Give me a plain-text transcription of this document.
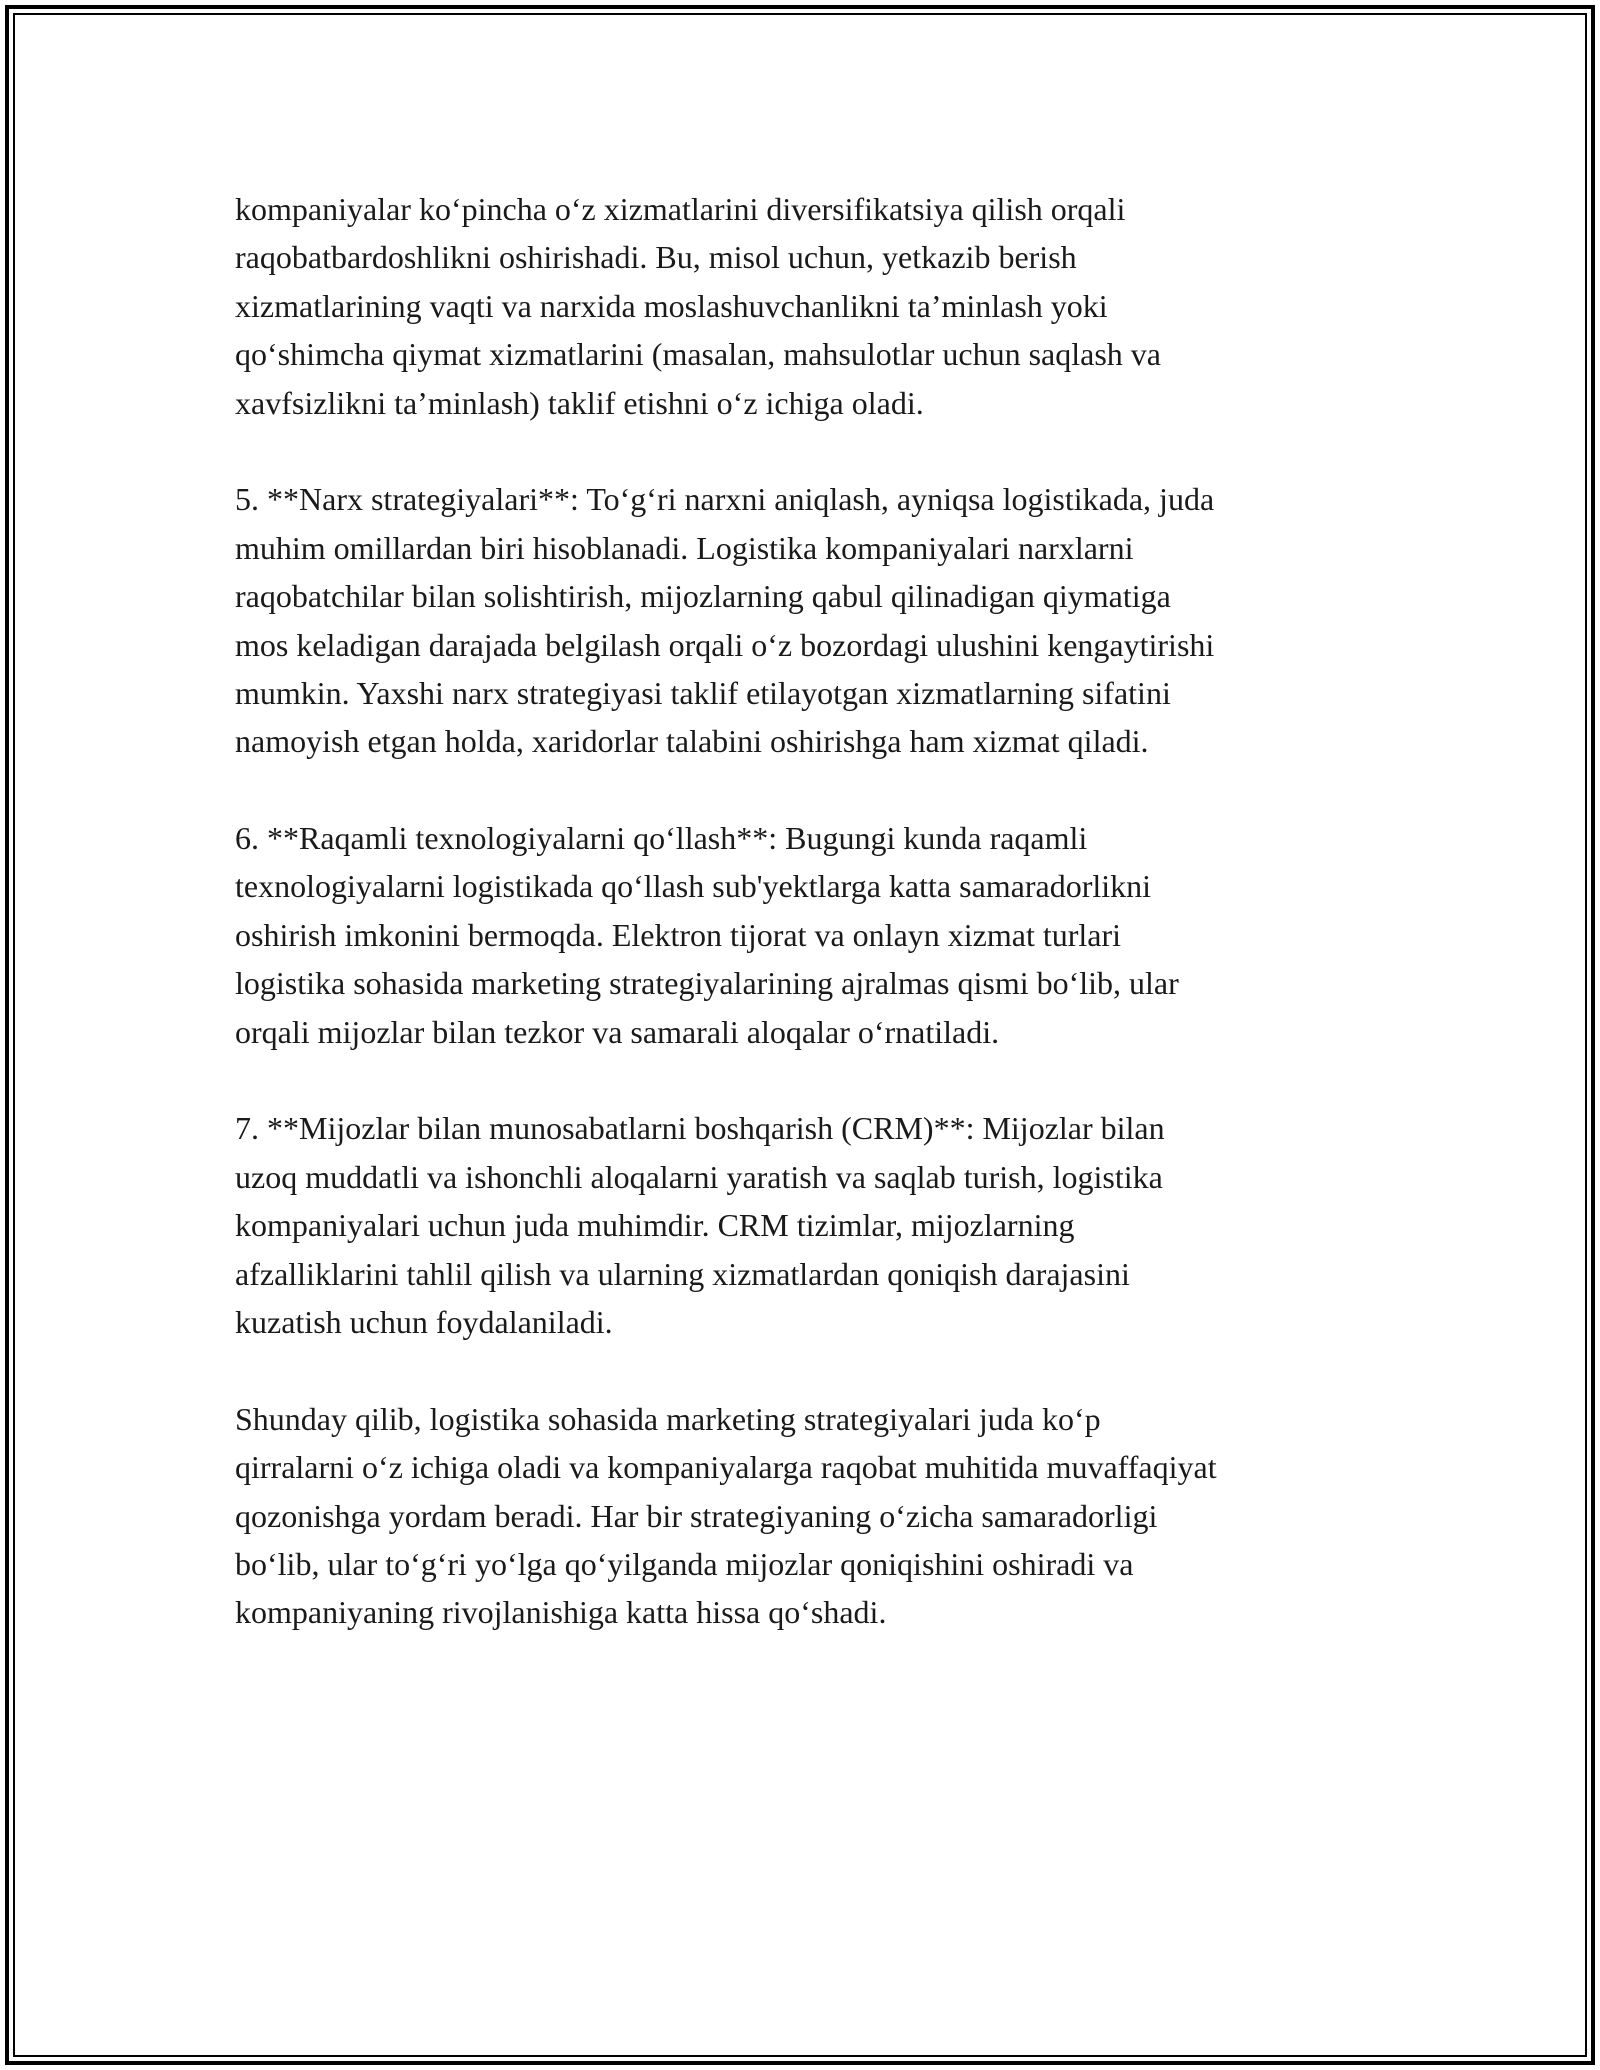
kompaniyalar ko‘pincha o‘z xizmatlarini diversifikatsiya qilish orqali
raqobatbardoshlikni oshirishadi. Bu, misol uchun, yetkazib berish
xizmatlarining vaqti va narxida moslashuvchanlikni ta’minlash yoki
qo‘shimcha qiymat xizmatlarini (masalan, mahsulotlar uchun saqlash va
xavfsizlikni ta’minlash) taklif etishni o‘z ichiga oladi.

5. **Narx strategiyalari**: To‘g‘ri narxni aniqlash, ayniqsa logistikada, juda
muhim omillardan biri hisoblanadi. Logistika kompaniyalari narxlarni
raqobatchilar bilan solishtirish, mijozlarning qabul qilinadigan qiymatiga
mos keladigan darajada belgilash orqali o‘z bozordagi ulushini kengaytirishi
mumkin. Yaxshi narx strategiyasi taklif etilayotgan xizmatlarning sifatini
namoyish etgan holda, xaridorlar talabini oshirishga ham xizmat qiladi.

6. **Raqamli texnologiyalarni qo‘llash**: Bugungi kunda raqamli
texnologiyalarni logistikada qo‘llash sub'yektlarga katta samaradorlikni
oshirish imkonini bermoqda. Elektron tijorat va onlayn xizmat turlari
logistika sohasida marketing strategiyalarining ajralmas qismi bo‘lib, ular
orqali mijozlar bilan tezkor va samarali aloqalar o‘rnatiladi.

7. **Mijozlar bilan munosabatlarni boshqarish (CRM)**: Mijozlar bilan
uzoq muddatli va ishonchli aloqalarni yaratish va saqlab turish, logistika
kompaniyalari uchun juda muhimdir. CRM tizimlar, mijozlarning
afzalliklarini tahlil qilish va ularning xizmatlardan qoniqish darajasini
kuzatish uchun foydalaniladi.

Shunday qilib, logistika sohasida marketing strategiyalari juda ko‘p
qirralarni o‘z ichiga oladi va kompaniyalarga raqobat muhitida muvaffaqiyat
qozonishga yordam beradi. Har bir strategiyaning o‘zicha samaradorligi
bo‘lib, ular to‘g‘ri yo‘lga qo‘yilganda mijozlar qoniqishini oshiradi va
kompaniyaning rivojlanishiga katta hissa qo‘shadi.
